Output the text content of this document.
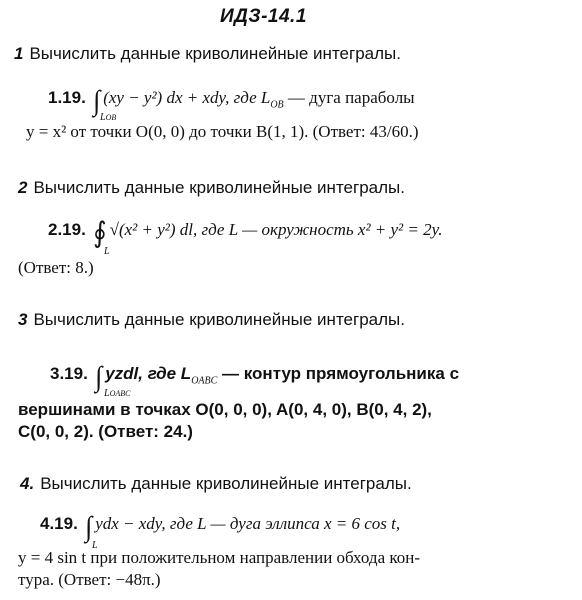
ИДЗ-14.1
1 Вычислить данные криволинейные интегралы.
1.19. ∫ (xy − y²) dx + xdy, где $L_{OB}$ — дуга параболы
LOB
y = x² от точки O(0, 0) до точки B(1, 1). (Ответ: 43/60.)
2 Вычислить данные криволинейные интегралы.
2.19. ∮ √(x² + y²) dl, где L — окружность x² + y² = 2y.
L
(Ответ: 8.)
3 Вычислить данные криволинейные интегралы.
3.19. ∫ yzdl, где $L_{OABC}$ — контур прямоугольника с
LOABC
вершинами в точках O(0, 0, 0), A(0, 4, 0), B(0, 4, 2),
C(0, 0, 2). (Ответ: 24.)
4. Вычислить данные криволинейные интегралы.
4.19. ∫ ydx − xdy, где L — дуга эллипса x = 6 cos t,
L
y = 4 sin t при положительном направлении обхода кон-
тура. (Ответ: −48π.)
